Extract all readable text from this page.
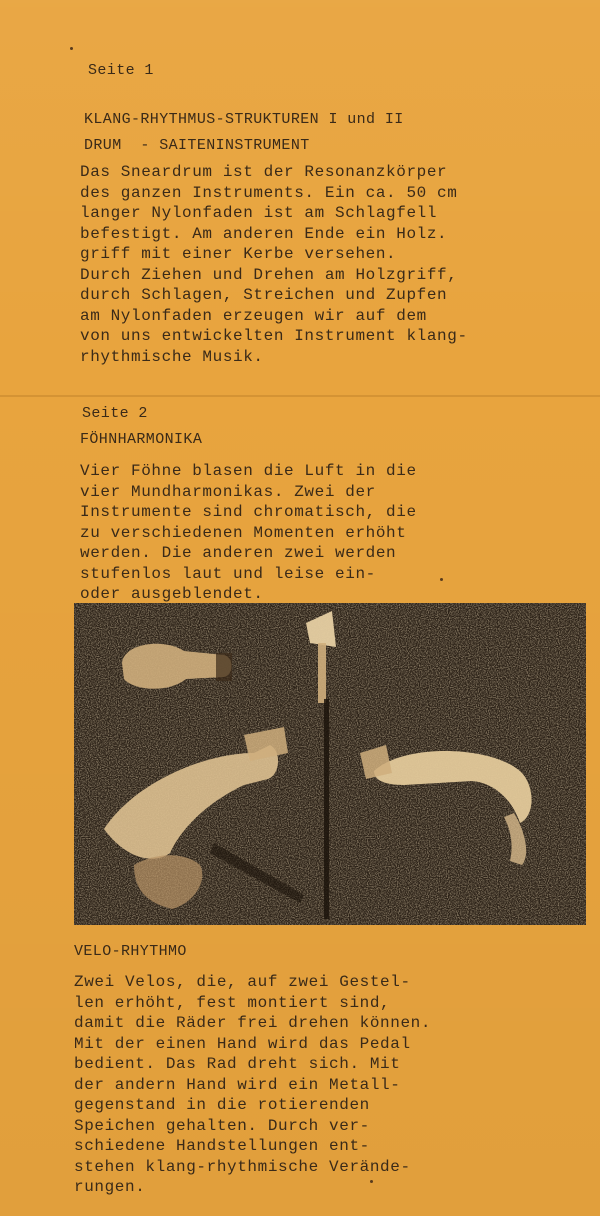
Seite 1

KLANG-RHYTHMUS-STRUKTUREN I und II

DRUM  - SAITENINSTRUMENT

Das Sneardrum ist der Resonanzkörper
des ganzen Instruments. Ein ca. 50 cm
langer Nylonfaden ist am Schlagfell
befestigt. Am anderen Ende ein Holz.
griff mit einer Kerbe versehen.
Durch Ziehen und Drehen am Holzgriff,
durch Schlagen, Streichen und Zupfen
am Nylonfaden erzeugen wir auf dem
von uns entwickelten Instrument klang-
rhythmische Musik.

Seite 2

FÖHNHARMONIKA

Vier Föhne blasen die Luft in die
vier Mundharmonikas. Zwei der
Instrumente sind chromatisch, die
zu verschiedenen Momenten erhöht
werden. Die anderen zwei werden
stufenlos laut und leise ein-
oder ausgeblendet.

VELO-RHYTHMO

Zwei Velos, die, auf zwei Gestel-
len erhöht, fest montiert sind,
damit die Räder frei drehen können.
Mit der einen Hand wird das Pedal
bedient. Das Rad dreht sich. Mit
der andern Hand wird ein Metall-
gegenstand in die rotierenden
Speichen gehalten. Durch ver-
schiedene Handstellungen ent-
stehen klang-rhythmische Verände-
rungen.
